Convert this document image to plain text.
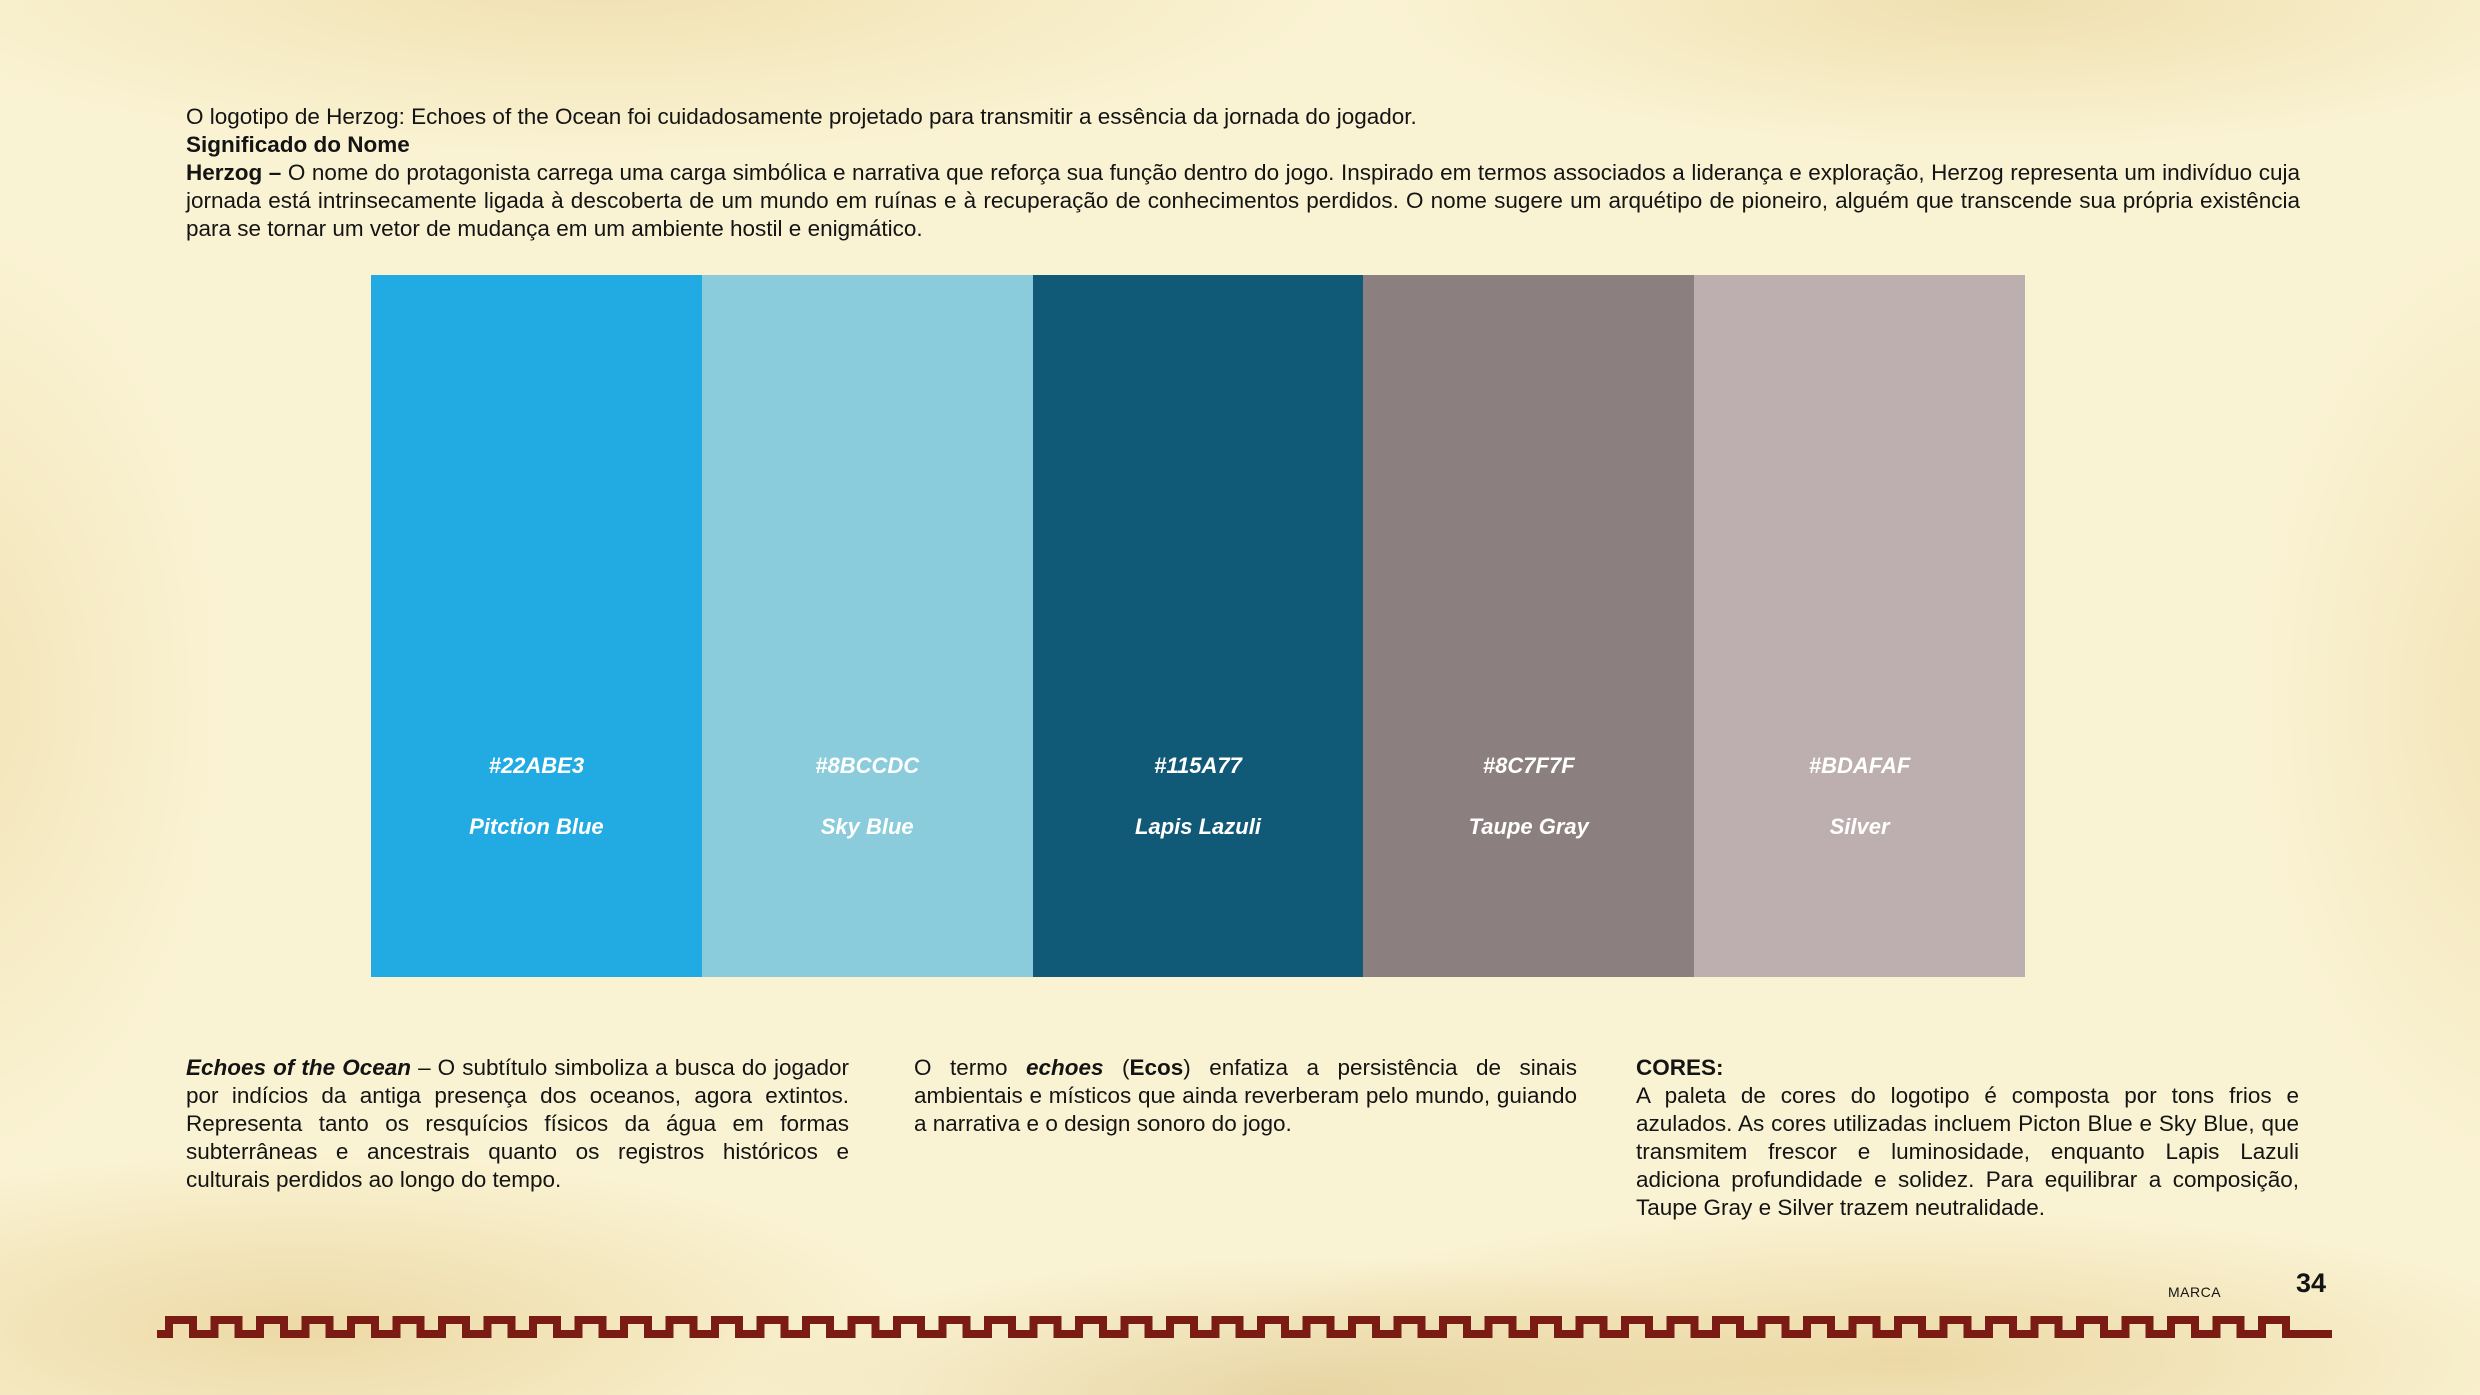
O logotipo de Herzog: Echoes of the Ocean foi cuidadosamente projetado para transmitir a essência da jornada do jogador.
Significado do Nome
Herzog – O nome do protagonista carrega uma carga simbólica e narrativa que reforça sua função dentro do jogo. Inspirado em termos associados a liderança e exploração, Herzog representa um indivíduo cuja jornada está intrinsecamente ligada à descoberta de um mundo em ruínas e à recuperação de conhecimentos perdidos. O nome sugere um arquétipo de pioneiro, alguém que transcende sua própria existência para se tornar um vetor de mudança em um ambiente hostil e enigmático.
#22ABE3
Pitction Blue
#8BCCDC
Sky Blue
#115A77
Lapis Lazuli
#8C7F7F
Taupe Gray
#BDAFAF
Silver
Echoes of the Ocean – O subtítulo simboliza a busca do jogador por indícios da antiga presença dos oceanos, agora extintos. Representa tanto os resquícios físicos da água em formas subterrâneas e ancestrais quanto os registros históricos e culturais perdidos ao longo do tempo.
O termo echoes (Ecos) enfatiza a persistência de sinais ambientais e místicos que ainda reverberam pelo mundo, guiando a narrativa e o design sonoro do jogo.
CORES:
A paleta de cores do logotipo é composta por tons frios e azulados. As cores utilizadas incluem Picton Blue e Sky Blue, que transmitem frescor e luminosidade, enquanto Lapis Lazuli adiciona profundidade e solidez. Para equilibrar a composição, Taupe Gray e Silver trazem neutralidade.
MARCA	34
